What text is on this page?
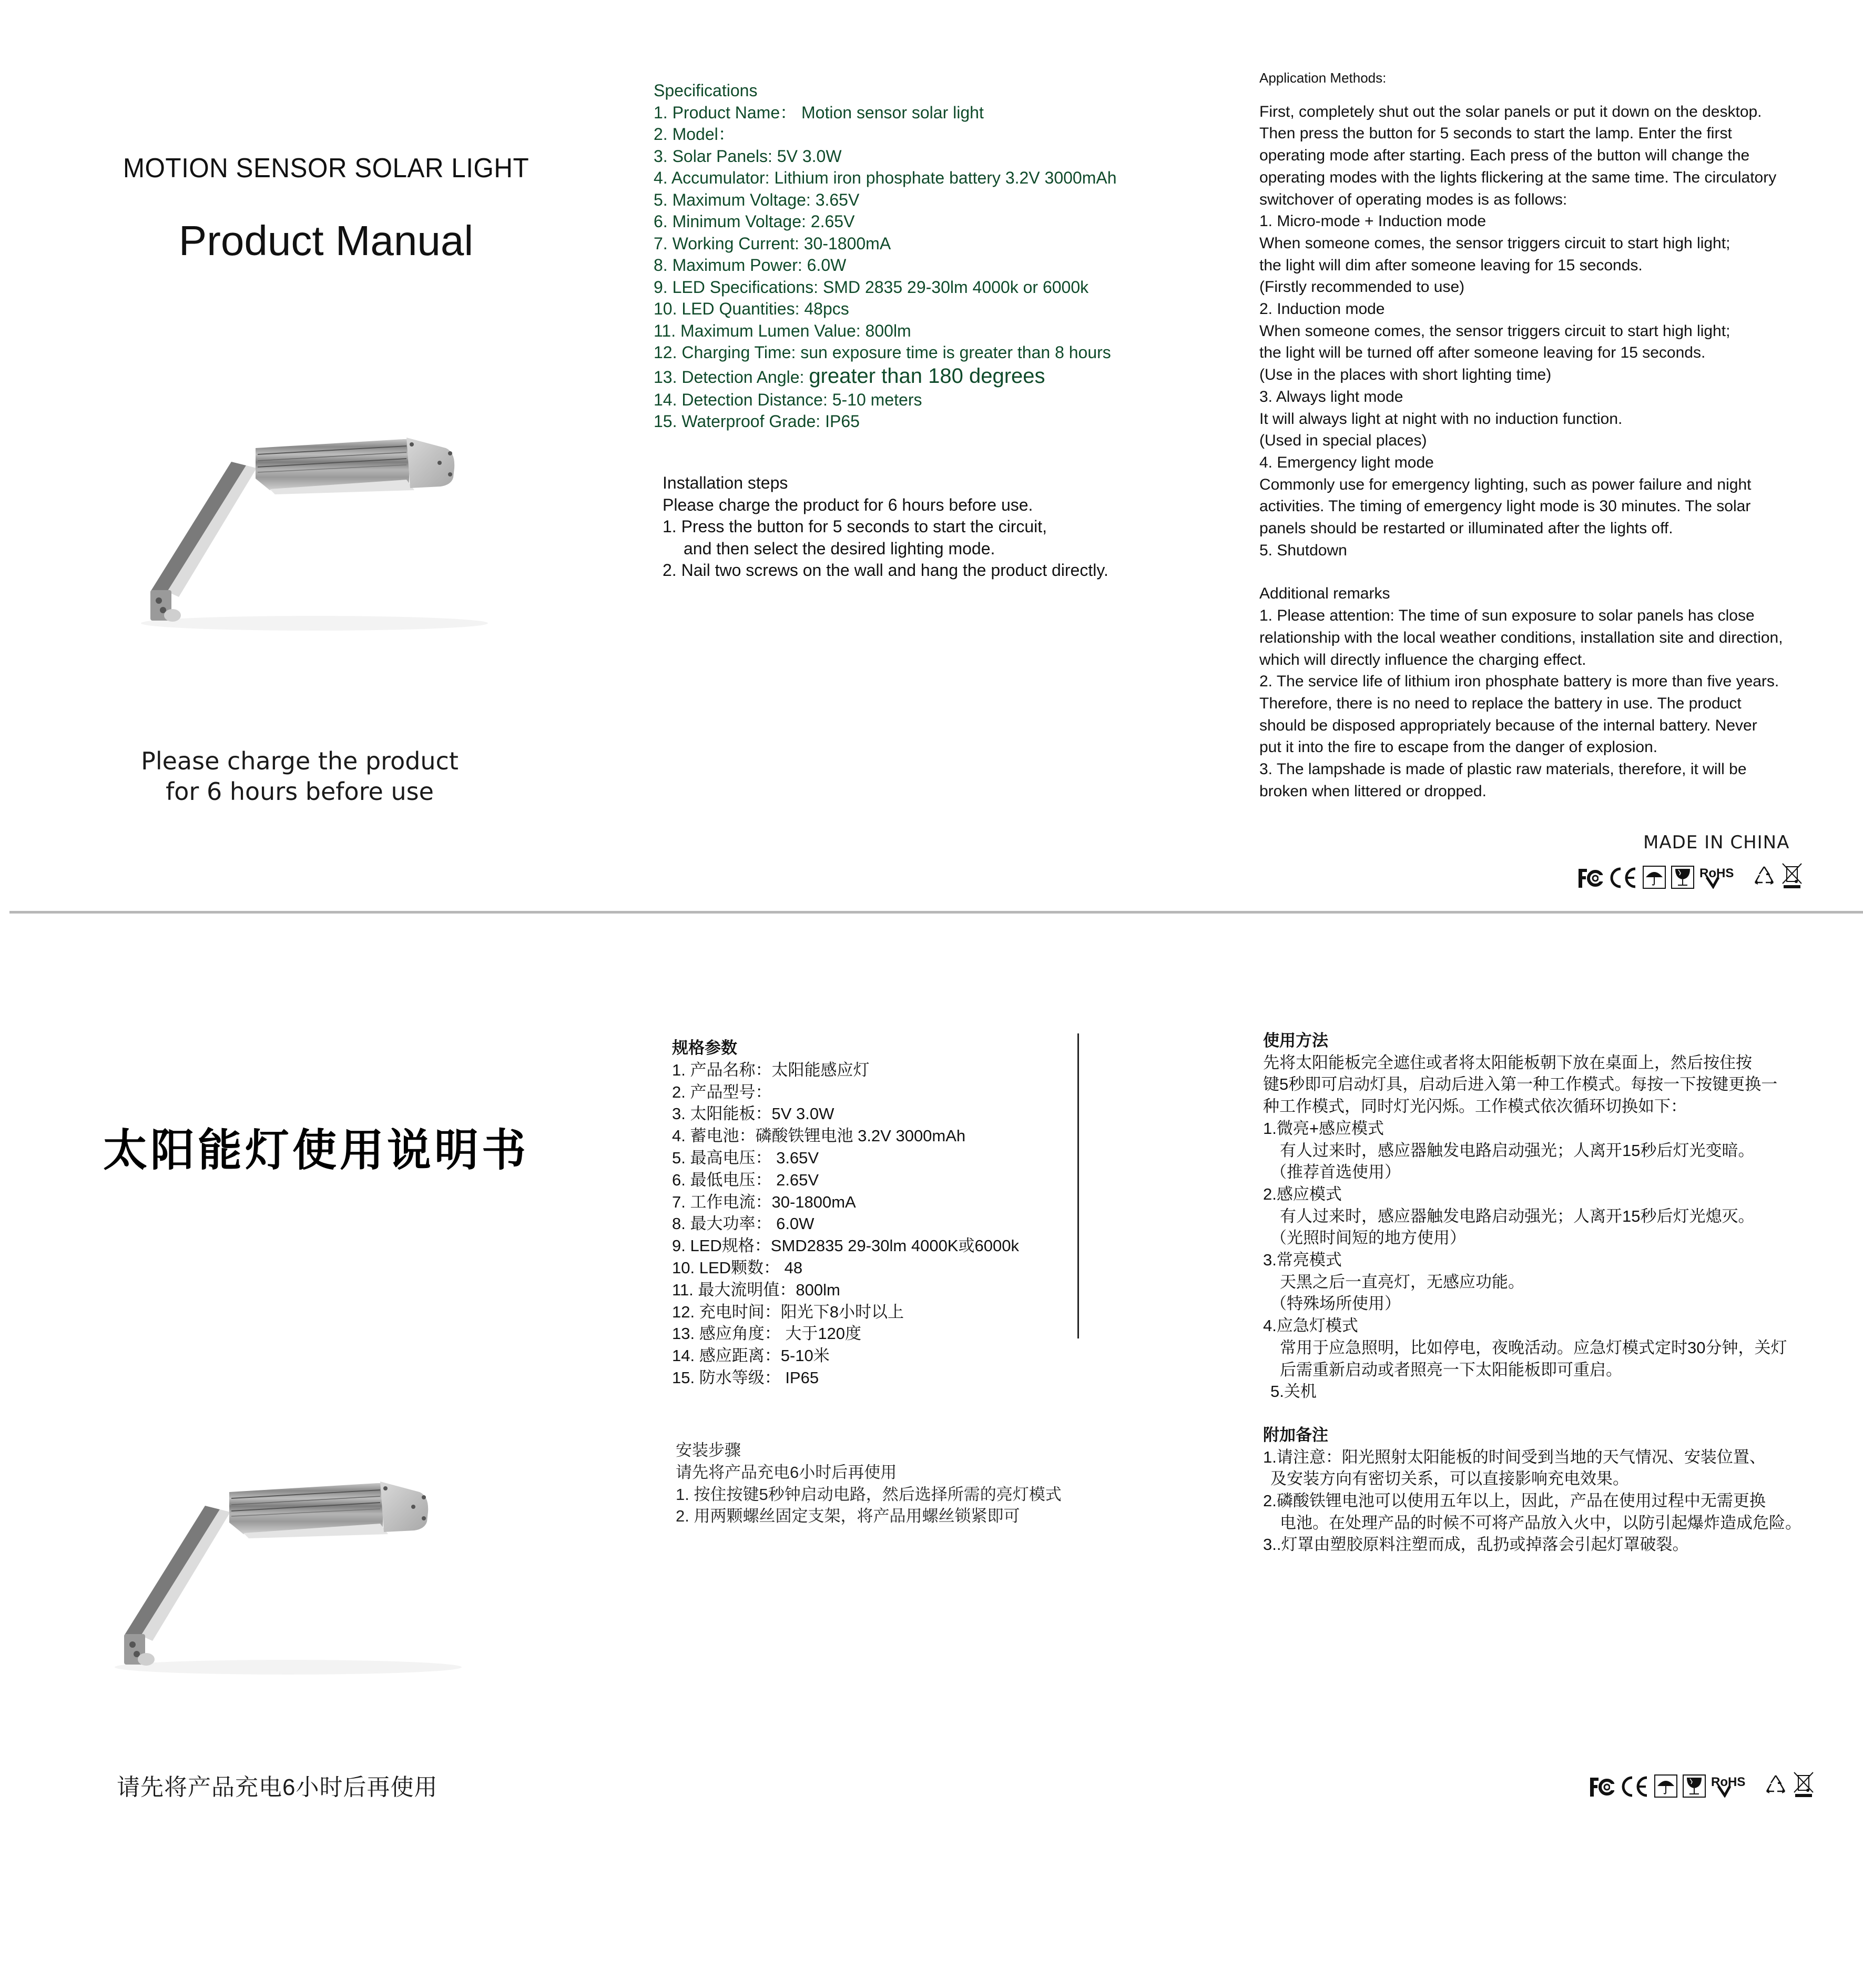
MOTION SENSOR SOLAR LIGHT
Product Manual
Please charge the product
for 6 hours before use
Specifications
1. Product Name： Motion sensor solar light
2. Model：
3. Solar Panels: 5V 3.0W
4. Accumulator: Lithium iron phosphate battery 3.2V 3000mAh
5. Maximum Voltage: 3.65V
6. Minimum Voltage: 2.65V
7. Working Current: 30-1800mA
8. Maximum Power: 6.0W
9. LED Specifications: SMD 2835 29-30lm 4000k or 6000k
10. LED Quantities: 48pcs
11. Maximum Lumen Value: 800lm
12. Charging Time: sun exposure time is greater than 8 hours
13. Detection Angle: greater than 180 degrees
14. Detection Distance: 5-10 meters
15. Waterproof Grade: IP65
Installation steps
Please charge the product for 6 hours before use.
1. Press the button for 5 seconds to start the circuit,
and then select the desired lighting mode.
2. Nail two screws on the wall and hang the product directly.
Application Methods:
First, completely shut out the solar panels or put it down on the desktop.
Then press the button for 5 seconds to start the lamp. Enter the first
operating mode after starting. Each press of the button will change the
operating modes with the lights flickering at the same time. The circulatory
switchover of operating modes is as follows:
1. Micro-mode + Induction mode
When someone comes, the sensor triggers circuit to start high light;
the light will dim after someone leaving for 15 seconds.
(Firstly recommended to use)
2. Induction mode
When someone comes, the sensor triggers circuit to start high light;
the light will be turned off after someone leaving for 15 seconds.
(Use in the places with short lighting time)
3. Always light mode
It will always light at night with no induction function.
(Used in special places)
4. Emergency light mode
Commonly use for emergency lighting, such as power failure and night
activities. The timing of emergency light mode is 30 minutes. The solar
panels should be restarted or illuminated after the lights off.
5. Shutdown
Additional remarks
1. Please attention: The time of sun exposure to solar panels has close
relationship with the local weather conditions, installation site and direction,
which will directly influence the charging effect.
2. The service life of lithium iron phosphate battery is more than five years.
Therefore, there is no need to replace the battery in use. The product
should be disposed appropriately because of the internal battery. Never
put it into the fire to escape from the danger of explosion.
3. The lampshade is made of plastic raw materials, therefore, it will be
broken when littered or dropped.
MADE IN CHINA
RoHS
太阳能灯使用说明书
请先将产品充电6小时后再使用
规格参数
1. 产品名称：太阳能感应灯
2. 产品型号：
3. 太阳能板：5V 3.0W
4. 蓄电池：磷酸铁锂电池 3.2V 3000mAh
5. 最高电压： 3.65V
6. 最低电压： 2.65V
7. 工作电流：30-1800mA
8. 最大功率： 6.0W
9. LED规格：SMD2835 29-30lm 4000K或6000k
10. LED颗数： 48
11. 最大流明值：800lm
12. 充电时间：阳光下8小时以上
13. 感应角度： 大于120度
14. 感应距离：5-10米
15. 防水等级： IP65
安装步骤
请先将产品充电6小时后再使用
1. 按住按键5秒钟启动电路，然后选择所需的亮灯模式
2. 用两颗螺丝固定支架，将产品用螺丝锁紧即可
使用方法
先将太阳能板完全遮住或者将太阳能板朝下放在桌面上，然后按住按
键5秒即可启动灯具，启动后进入第一种工作模式。每按一下按键更换一
种工作模式，同时灯光闪烁。工作模式依次循环切换如下：
1.微亮+感应模式
有人过来时，感应器触发电路启动强光；人离开15秒后灯光变暗。
（推荐首选使用）
2.感应模式
有人过来时，感应器触发电路启动强光；人离开15秒后灯光熄灭。
（光照时间短的地方使用）
3.常亮模式
天黑之后一直亮灯，无感应功能。
（特殊场所使用）
4.应急灯模式
常用于应急照明，比如停电，夜晚活动。应急灯模式定时30分钟，关灯
后需重新启动或者照亮一下太阳能板即可重启。
5.关机
附加备注
1.请注意：阳光照射太阳能板的时间受到当地的天气情况、安装位置、
及安装方向有密切关系，可以直接影响充电效果。
2.磷酸铁锂电池可以使用五年以上，因此，产品在使用过程中无需更换
电池。在处理产品的时候不可将产品放入火中，以防引起爆炸造成危险。
3..灯罩由塑胶原料注塑而成，乱扔或掉落会引起灯罩破裂。
RoHS
